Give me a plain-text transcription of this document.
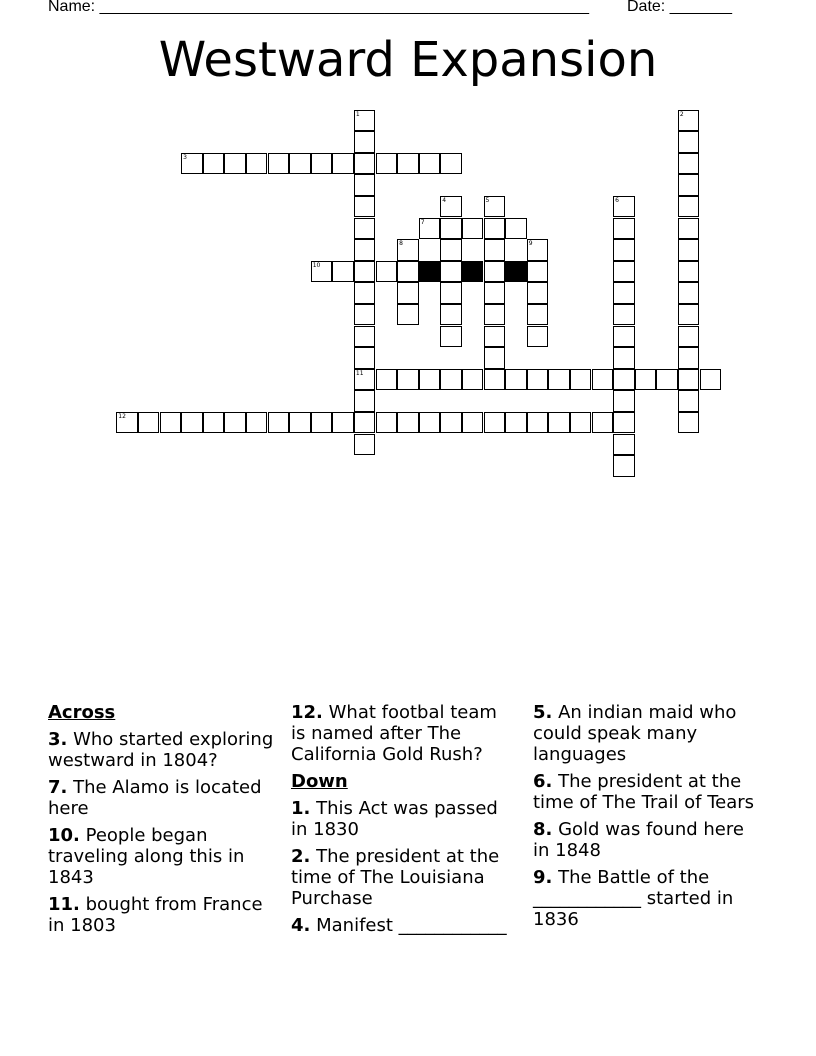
Name: _______________________________________________________ Date: _______
Westward Expansion
1
11
2
3
4	5	6
7
8	9
10
12
Across
3. Who started exploring westward in 1804?
7. The Alamo is located here
10. People began traveling along this in 1843
11. bought from France in 1803
12. What footbal team is named after The California Gold Rush?
Down
1. This Act was passed in 1830
2. The president at the time of The Louisiana Purchase
4. Manifest ____________
5. An indian maid who could speak many languages
6. The president at the time of The Trail of Tears
8. Gold was found here in 1848
9. The Battle of the ____________ started in 1836
